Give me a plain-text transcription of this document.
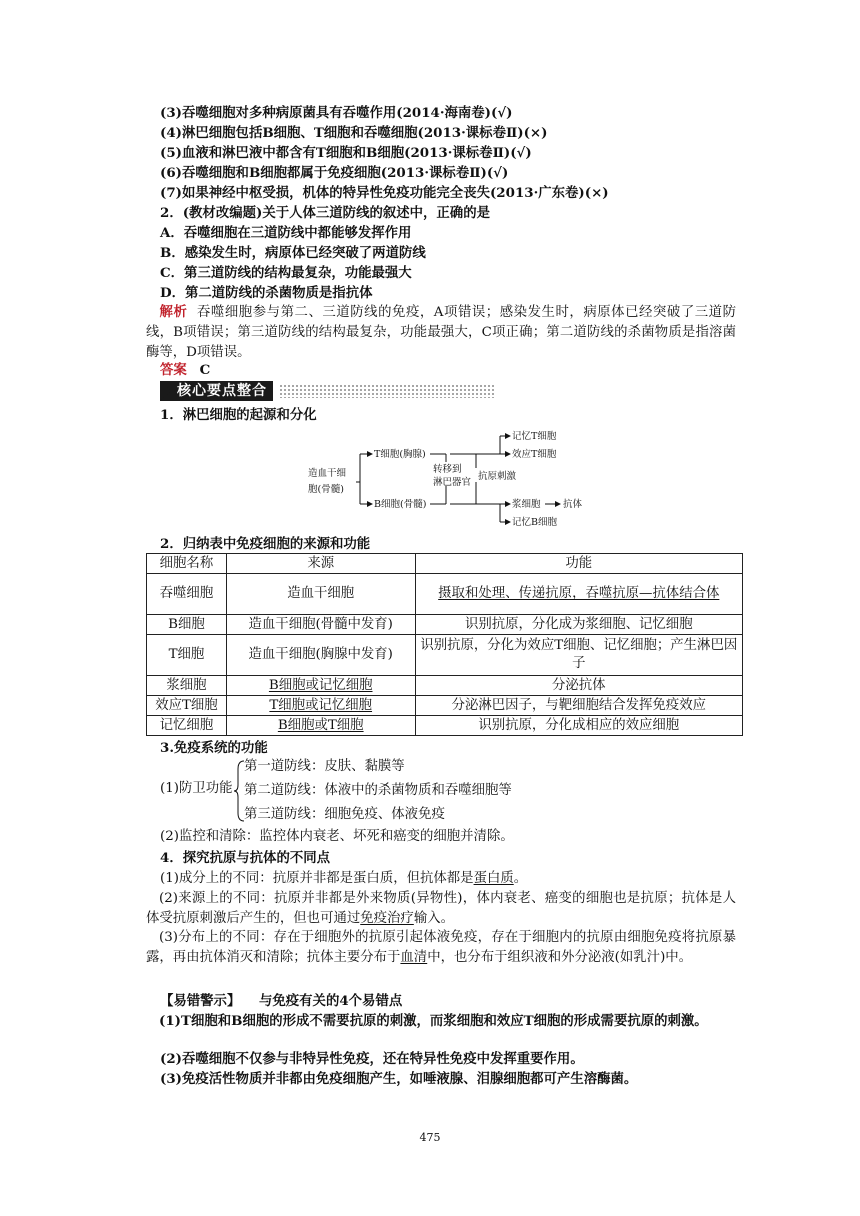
(3)吞噬细胞对多种病原菌具有吞噬作用(2014·海南卷)(√)
(4)淋巴细胞包括B细胞、T细胞和吞噬细胞(2013·课标卷Ⅱ)(×)
(5)血液和淋巴液中都含有T细胞和B细胞(2013·课标卷Ⅱ)(√)
(6)吞噬细胞和B细胞都属于免疫细胞(2013·课标卷Ⅱ)(√)
(7)如果神经中枢受损，机体的特异性免疫功能完全丧失(2013·广东卷)(×)
2．(教材改编题)关于人体三道防线的叙述中，正确的是
A．吞噬细胞在三道防线中都能够发挥作用
B．感染发生时，病原体已经突破了两道防线
C．第三道防线的结构最复杂，功能最强大
D．第二道防线的杀菌物质是指抗体
解析 吞噬细胞参与第二、三道防线的免疫，A项错误；感染发生时，病原体已经突破了三道防线，B项错误；第三道防线的结构最复杂，功能最强大，C项正确；第二道防线的杀菌物质是指溶菌酶等，D项错误。
答案 C
核心要点整合
1．淋巴细胞的起源和分化
造血干细
胞(骨髓)
T细胞(胸腺)
B细胞(骨髓)
转移到
淋巴器官
抗原刺激
记忆T细胞
效应T细胞
浆细胞 抗体
记忆B细胞
2．归纳表中免疫细胞的来源和功能
细胞名称	来源	功能
吞噬细胞	造血干细胞	摄取和处理、传递抗原，吞噬抗原—抗体结合体
B细胞	造血干细胞(骨髓中发育)	识别抗原，分化成为浆细胞、记忆细胞
T细胞	造血干细胞(胸腺中发育)	识别抗原，分化为效应T细胞、记忆细胞；产生淋巴因子
浆细胞	B细胞或记忆细胞	分泌抗体
效应T细胞	T细胞或记忆细胞	分泌淋巴因子，与靶细胞结合发挥免疫效应
记忆细胞	B细胞或T细胞	识别抗原，分化成相应的效应细胞
3.免疫系统的功能
(1)防卫功能
第一道防线：皮肤、黏膜等
第二道防线：体液中的杀菌物质和吞噬细胞等
第三道防线：细胞免疫、体液免疫
(2)监控和清除：监控体内衰老、坏死和癌变的细胞并清除。
4．探究抗原与抗体的不同点
(1)成分上的不同：抗原并非都是蛋白质，但抗体都是蛋白质。
(2)来源上的不同：抗原并非都是外来物质(异物性)，体内衰老、癌变的细胞也是抗原；抗体是人体受抗原刺激后产生的，但也可通过免疫治疗输入。
(3)分布上的不同：存在于细胞外的抗原引起体液免疫，存在于细胞内的抗原由细胞免疫将抗原暴露，再由抗体消灭和清除；抗体主要分布于血清中，也分布于组织液和外分泌液(如乳汁)中。
【易错警示】 与免疫有关的4个易错点
(1)T细胞和B细胞的形成不需要抗原的刺激，而浆细胞和效应T细胞的形成需要抗原的刺激。
(2)吞噬细胞不仅参与非特异性免疫，还在特异性免疫中发挥重要作用。
(3)免疫活性物质并非都由免疫细胞产生，如唾液腺、泪腺细胞都可产生溶酶菌。
475
